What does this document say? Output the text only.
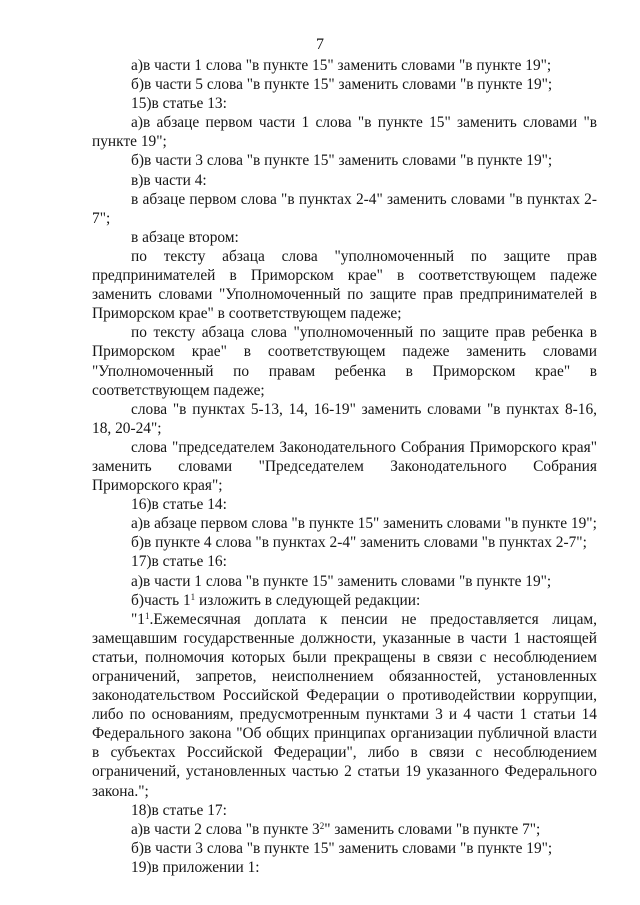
7

а)в части 1 слова "в пункте 15" заменить словами "в пункте 19";

б)в части 5 слова "в пункте 15" заменить словами "в пункте 19";

15)в статье 13:

а)в абзаце первом части 1 слова "в пункте 15" заменить словами "в пункте 19";

б)в части 3 слова "в пункте 15" заменить словами "в пункте 19";

в)в части 4:

в абзаце первом слова "в пунктах 2-4" заменить словами "в пунктах 2-7";

в абзаце втором:

по тексту абзаца слова "уполномоченный по защите прав предпринимателей в Приморском крае" в соответствующем падеже заменить словами "Уполномоченный по защите прав предпринимателей в Приморском крае" в соответствующем падеже;

по тексту абзаца слова "уполномоченный по защите прав ребенка в Приморском крае" в соответствующем падеже заменить словами "Уполномоченный по правам ребенка в Приморском крае" в соответствующем падеже;

слова "в пунктах 5-13, 14, 16-19" заменить словами "в пунктах 8-16, 18, 20-24";

слова "председателем Законодательного Собрания Приморского края" заменить словами "Председателем Законодательного Собрания Приморского края";

16)в статье 14:

а)в абзаце первом слова "в пункте 15" заменить словами "в пункте 19";

б)в пункте 4 слова "в пунктах 2-4" заменить словами "в пунктах 2-7";

17)в статье 16:

а)в части 1 слова "в пункте 15" заменить словами "в пункте 19";

б)часть $1^1$ изложить в следующей редакции:

"$1^1.Ежемесячная$ доплата к пенсии не предоставляется лицам, замещавшим государственные должности, указанные в части 1 настоящей статьи, полномочия которых были прекращены в связи с несоблюдением ограничений, запретов, неисполнением обязанностей, установленных законодательством Российской Федерации о противодействии коррупции, либо по основаниям, предусмотренным пунктами 3 и 4 части 1 статьи 14 Федерального закона "Об общих принципах организации публичной власти в субъектах Российской Федерации", либо в связи с несоблюдением ограничений, установленных частью 2 статьи 19 указанного Федерального закона.";

18)в статье 17:

а)в части 2 слова "в пункте $3^2$" заменить словами "в пункте 7";

б)в части 3 слова "в пункте 15" заменить словами "в пункте 19";

19)в приложении 1:
